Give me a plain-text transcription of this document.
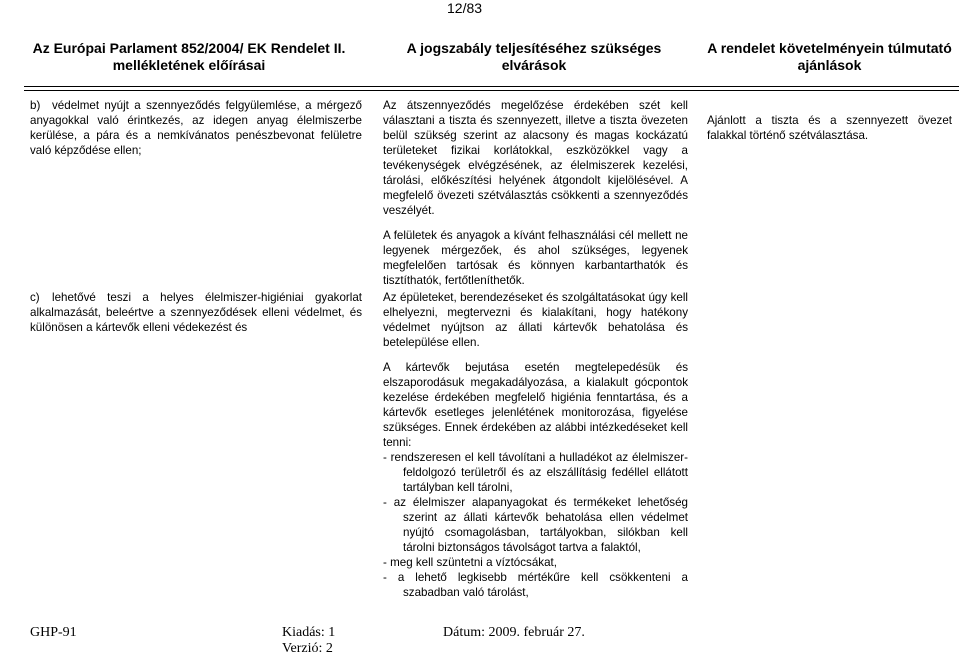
12/83
Az Európai Parlament 852/2004/ EK Rendelet II. mellékletének előírásai
A jogszabály teljesítéséhez szükséges elvárások
A rendelet követelményein túlmutató ajánlások
b) védelmet nyújt a szennyeződés felgyülemlése, a mérgező anyagokkal való érintkezés, az idegen anyag élelmiszerbe kerülése, a pára és a nemkívánatos penészbevonat felületre való képződése ellen;
Az átszennyeződés megelőzése érdekében szét kell választani a tiszta és szennyezett, illetve a tiszta övezeten belül szükség szerint az alacsony és magas kockázatú területeket fizikai korlátokkal, eszközökkel vagy a tevékenységek elvégzésének, az élelmiszerek kezelési, tárolási, előkészítési helyének átgondolt kijelölésével. A megfelelő övezeti szétválasztás csökkenti a szennyeződés veszélyét.
Ajánlott a tiszta és a szennyezett övezet falakkal történő szétválasztása.
c) lehetővé teszi a helyes élelmiszer-higiéniai gyakorlat alkalmazását, beleértve a szennyeződések elleni védelmet, és különösen a kártevők elleni védekezést és
A felületek és anyagok a kívánt felhasználási cél mellett ne legyenek mérgezőek, és ahol szükséges, legyenek megfelelően tartósak és könnyen karbantarthatók és tisztíthatók, fertőtleníthetők.
Az épületeket, berendezéseket és szolgáltatásokat úgy kell elhelyezni, megtervezni és kialakítani, hogy hatékony védelmet nyújtson az állati kártevők behatolása és betelepülése ellen.
A kártevők bejutása esetén megtelepedésük és elszaporodásuk megakadályozása, a kialakult gócpontok kezelése érdekében megfelelő higiénia fenntartása, és a kártevők esetleges jelenlétének monitorozása, figyelése szükséges. Ennek érdekében az alábbi intézkedéseket kell tenni:
- rendszeresen el kell távolítani a hulladékot az élelmiszer-feldolgozó területről és az elszállításig fedéllel ellátott tartályban kell tárolni,
- az élelmiszer alapanyagokat és termékeket lehetőség szerint az állati kártevők behatolása ellen védelmet nyújtó csomagolásban, tartályokban, silókban kell tárolni biztonságos távolságot tartva a falaktól,
- meg kell szüntetni a víztócsákat,
- a lehető legkisebb mértékűre kell csökkenteni a szabadban való tárolást,
GHP-91	Kiadás: 1
Verzió: 2
Dátum: 2009. február 27.
